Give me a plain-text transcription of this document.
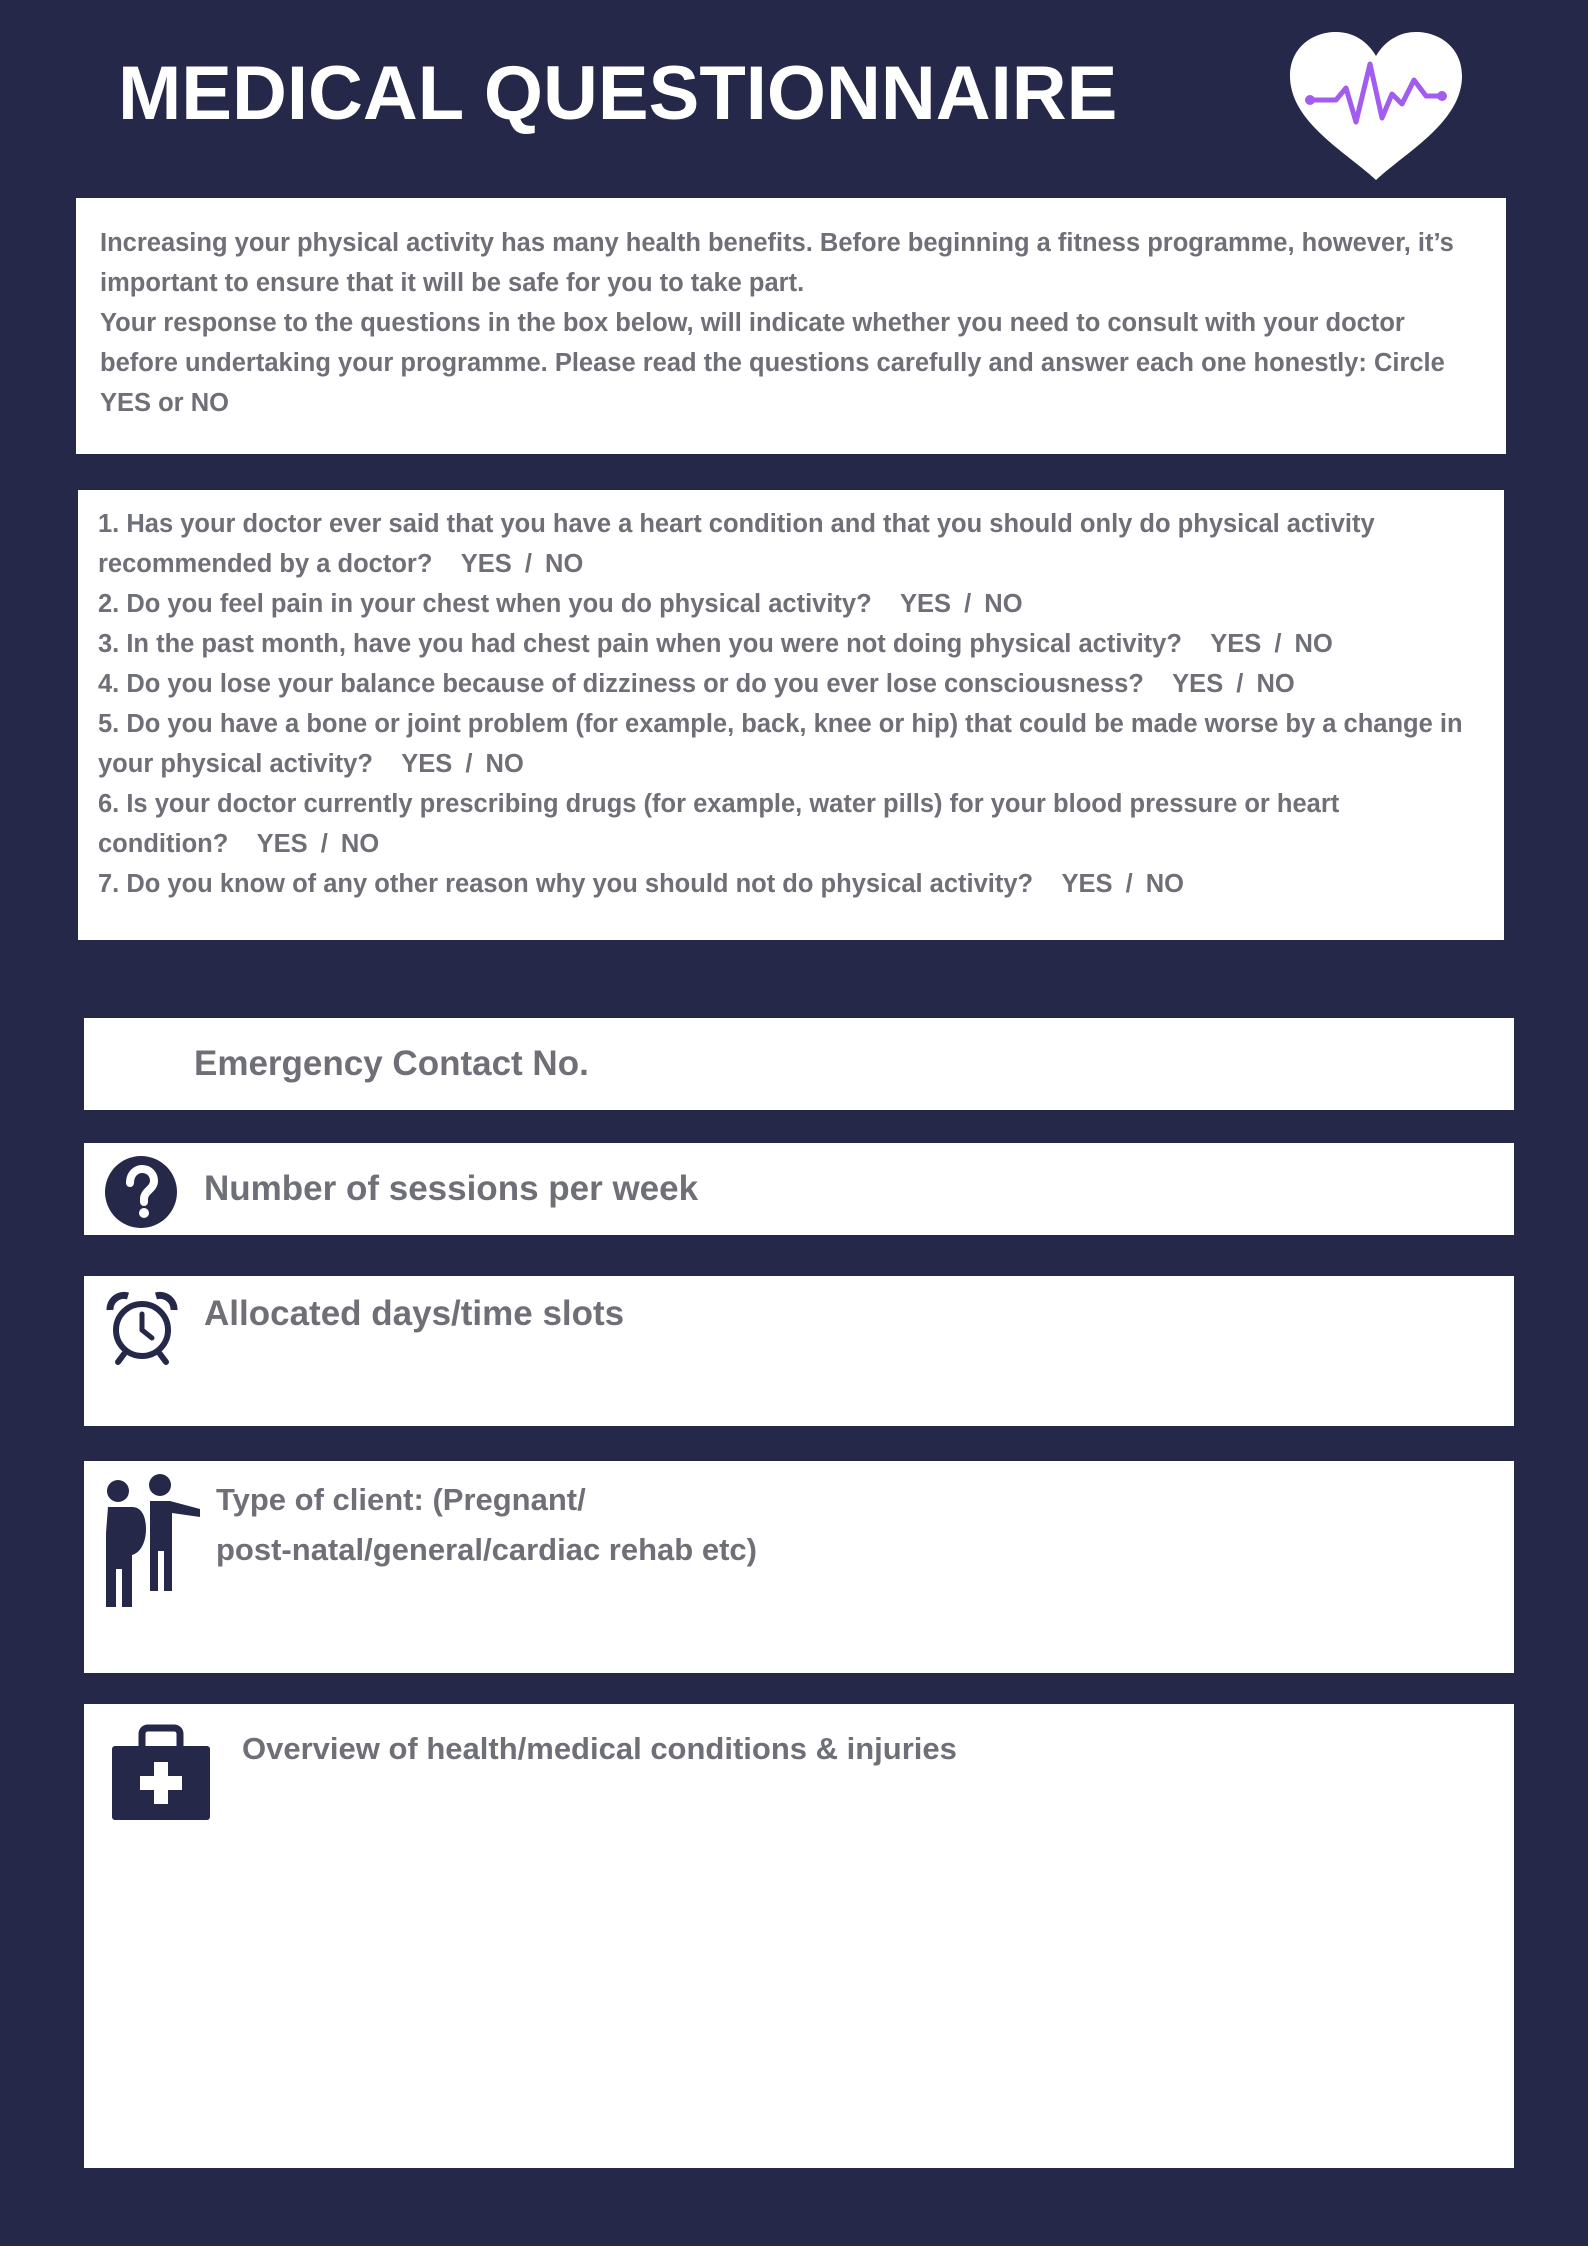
MEDICAL QUESTIONNAIRE

Increasing your physical activity has many health benefits. Before beginning a fitness programme, however, it’s important to ensure that it will be safe for you to take part.

Your response to the questions in the box below, will indicate whether you need to consult with your doctor before undertaking your programme. Please read the questions carefully and answer each one honestly: Circle YES or NO

1. Has your doctor ever said that you have a heart condition and that you should only do physical activity recommended by a doctor? YES / NO

2. Do you feel pain in your chest when you do physical activity? YES / NO

3. In the past month, have you had chest pain when you were not doing physical activity? YES / NO

4. Do you lose your balance because of dizziness or do you ever lose consciousness? YES / NO

5. Do you have a bone or joint problem (for example, back, knee or hip) that could be made worse by a change in your physical activity? YES / NO

6. Is your doctor currently prescribing drugs (for example, water pills) for your blood pressure or heart condition? YES / NO

7. Do you know of any other reason why you should not do physical activity? YES / NO

Emergency Contact No.
Number of sessions per week
Allocated days/time slots
Type of client: (Pregnant/
post-natal/general/cardiac rehab etc)
Overview of health/medical conditions & injuries
